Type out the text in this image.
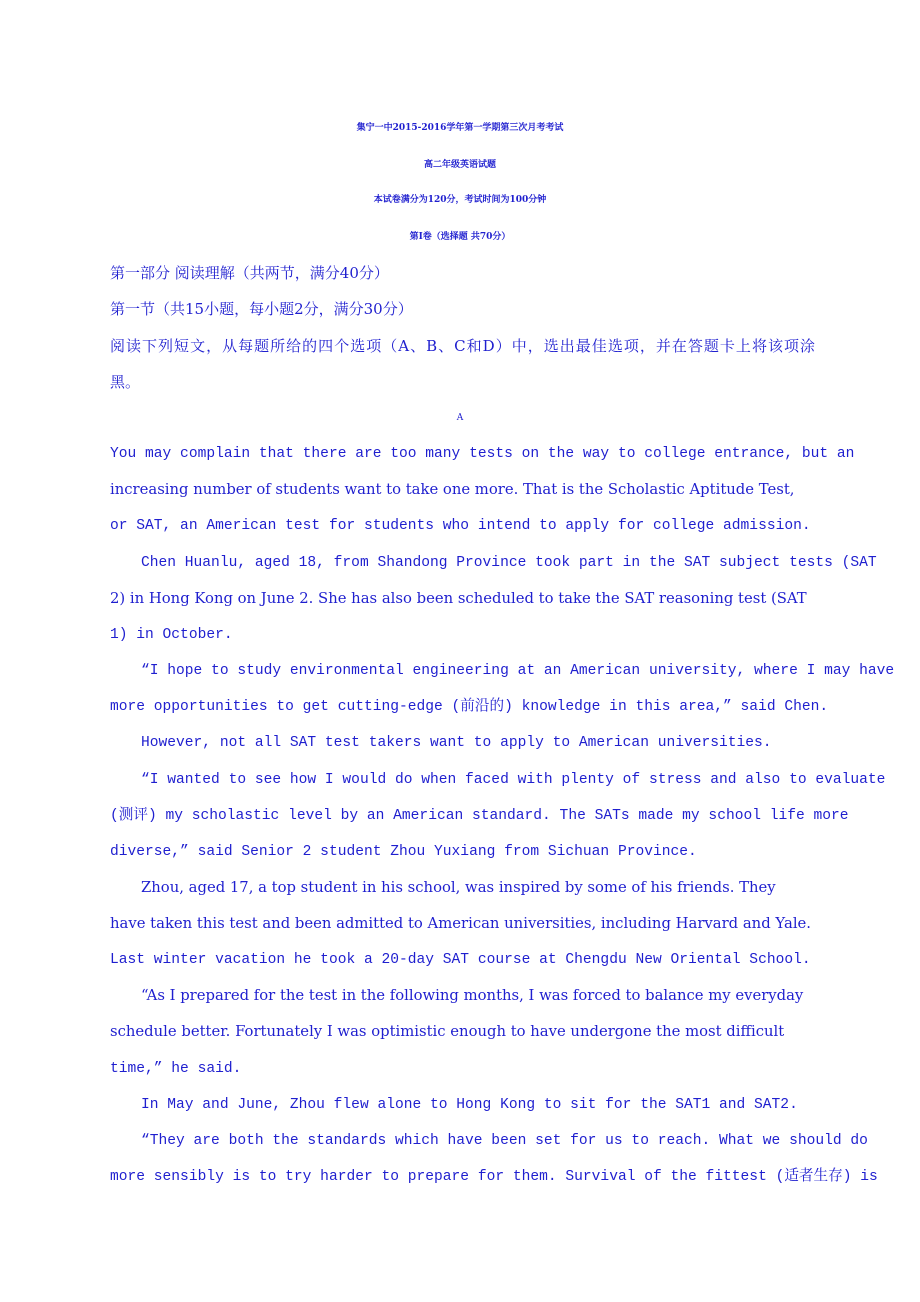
集宁一中2015-2016学年第一学期第三次月考考试

高二年级英语试题

本试卷满分为120分，考试时间为100分钟

第Ⅰ卷（选择题 共70分）

第一部分 阅读理解（共两节，满分40分）

第一节（共15小题，每小题2分，满分30分）

阅读下列短文，从每题所给的四个选项（A、B、C和D）中，选出最佳选项，并在答题卡上将该项涂

黑。

A

You may complain that there are too many tests on the way to college entrance, but an

increasing number of students want to take one more. That is the Scholastic Aptitude Test,

or SAT, an American test for students who intend to apply for college admission.

Chen Huanlu, aged 18, from Shandong Province took part in the SAT subject tests (SAT

2) in Hong Kong on June 2. She has also been scheduled to take the SAT reasoning test (SAT

1) in October.

“I hope to study environmental engineering at an American university, where I may have

more opportunities to get cutting-edge (前沿的) knowledge in this area,” said Chen.

However, not all SAT test takers want to apply to American universities.

“I wanted to see how I would do when faced with plenty of stress and also to evaluate

(测评) my scholastic level by an American standard. The SATs made my school life more

diverse,” said Senior 2 student Zhou Yuxiang from Sichuan Province.

Zhou, aged 17, a top student in his school, was inspired by some of his friends. They

have taken this test and been admitted to American universities, including Harvard and Yale.

Last winter vacation he took a 20-day SAT course at Chengdu New Oriental School.

“As I prepared for the test in the following months, I was forced to balance my everyday

schedule better. Fortunately I was optimistic enough to have undergone the most difficult

time,” he said.

In May and June, Zhou flew alone to Hong Kong to sit for the SAT1 and SAT2.

“They are both the standards which have been set for us to reach. What we should do

more sensibly is to try harder to prepare for them. Survival of the fittest (适者生存) is
